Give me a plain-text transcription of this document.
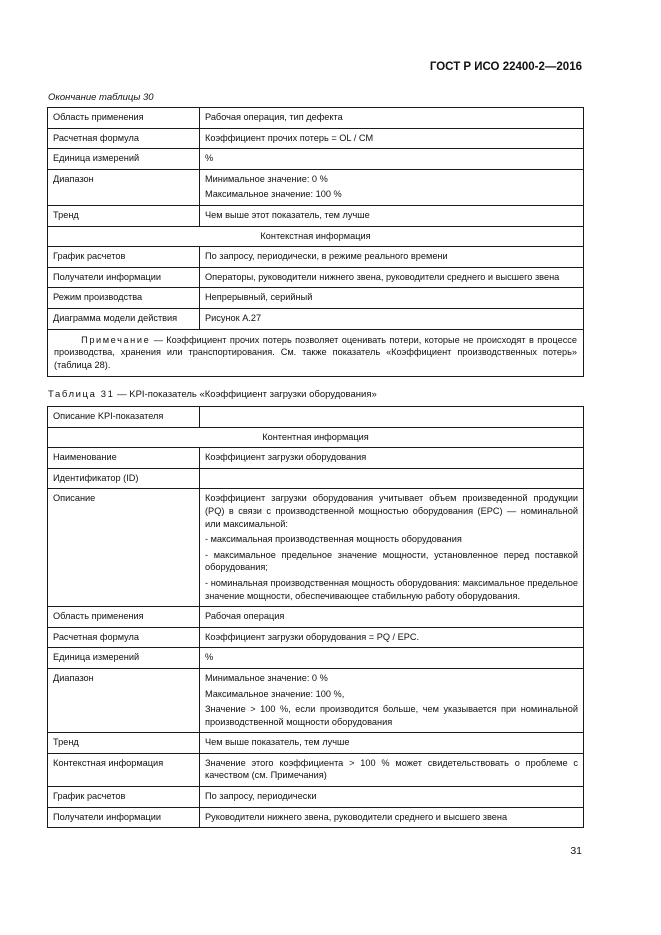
ГОСТ Р ИСО 22400-2—2016
Окончание таблицы 30
Область применения	Рабочая операция, тип дефекта

Расчетная формула	Коэффициент прочих потерь = OL / CM

Единица измерений	%

Диапазон	Минимальное значение: 0 %

Максимальное значение: 100 %

Тренд	Чем выше этот показатель, тем лучше

Контекстная информация	
График расчетов	По запросу, периодически, в режиме реального времени

Получатели информации	Операторы, руководители нижнего звена, руководители среднего и высшего звена

Режим производства	Непрерывный, серийный

Диаграмма модели действия	Рисунок А.27

Примечание — Коэффициент прочих потерь позволяет оценивать потери, которые не происходят в процессе производства, хранения или транспортирования. См. также показатель «Коэффициент производственных потерь» (таблица 28).	
Таблица 31 — KPI-показатель «Коэффициент загрузки оборудования»
Описание KPI-показателя	
Контентная информация	
Наименование	Коэффициент загрузки оборудования

Идентификатор (ID)	
Описание	Коэффициент загрузки оборудования учитывает объем произведенной продукции (PQ) в связи с производственной мощностью оборудования (EPC) — номинальной или максимальной:

- максимальная производственная мощность оборудования

- максимальное предельное значение мощности, установленное перед поставкой оборудования;

- номинальная производственная мощность оборудования: максимальное предельное значение мощности, обеспечивающее стабильную работу оборудования.

Область применения	Рабочая операция

Расчетная формула	Коэффициент загрузки оборудования = PQ / EPC.

Единица измерений	%

Диапазон	Минимальное значение: 0 %

Максимальное значение: 100 %,

Значение > 100 %, если производится больше, чем указывается при номинальной производственной мощности оборудования

Тренд	Чем выше показатель, тем лучше

Контекстная информация	Значение этого коэффициента > 100 % может свидетельствовать о проблеме с качеством (см. Примечания)

График расчетов	По запросу, периодически

Получатели информации	Руководители нижнего звена, руководители среднего и высшего звена

31
